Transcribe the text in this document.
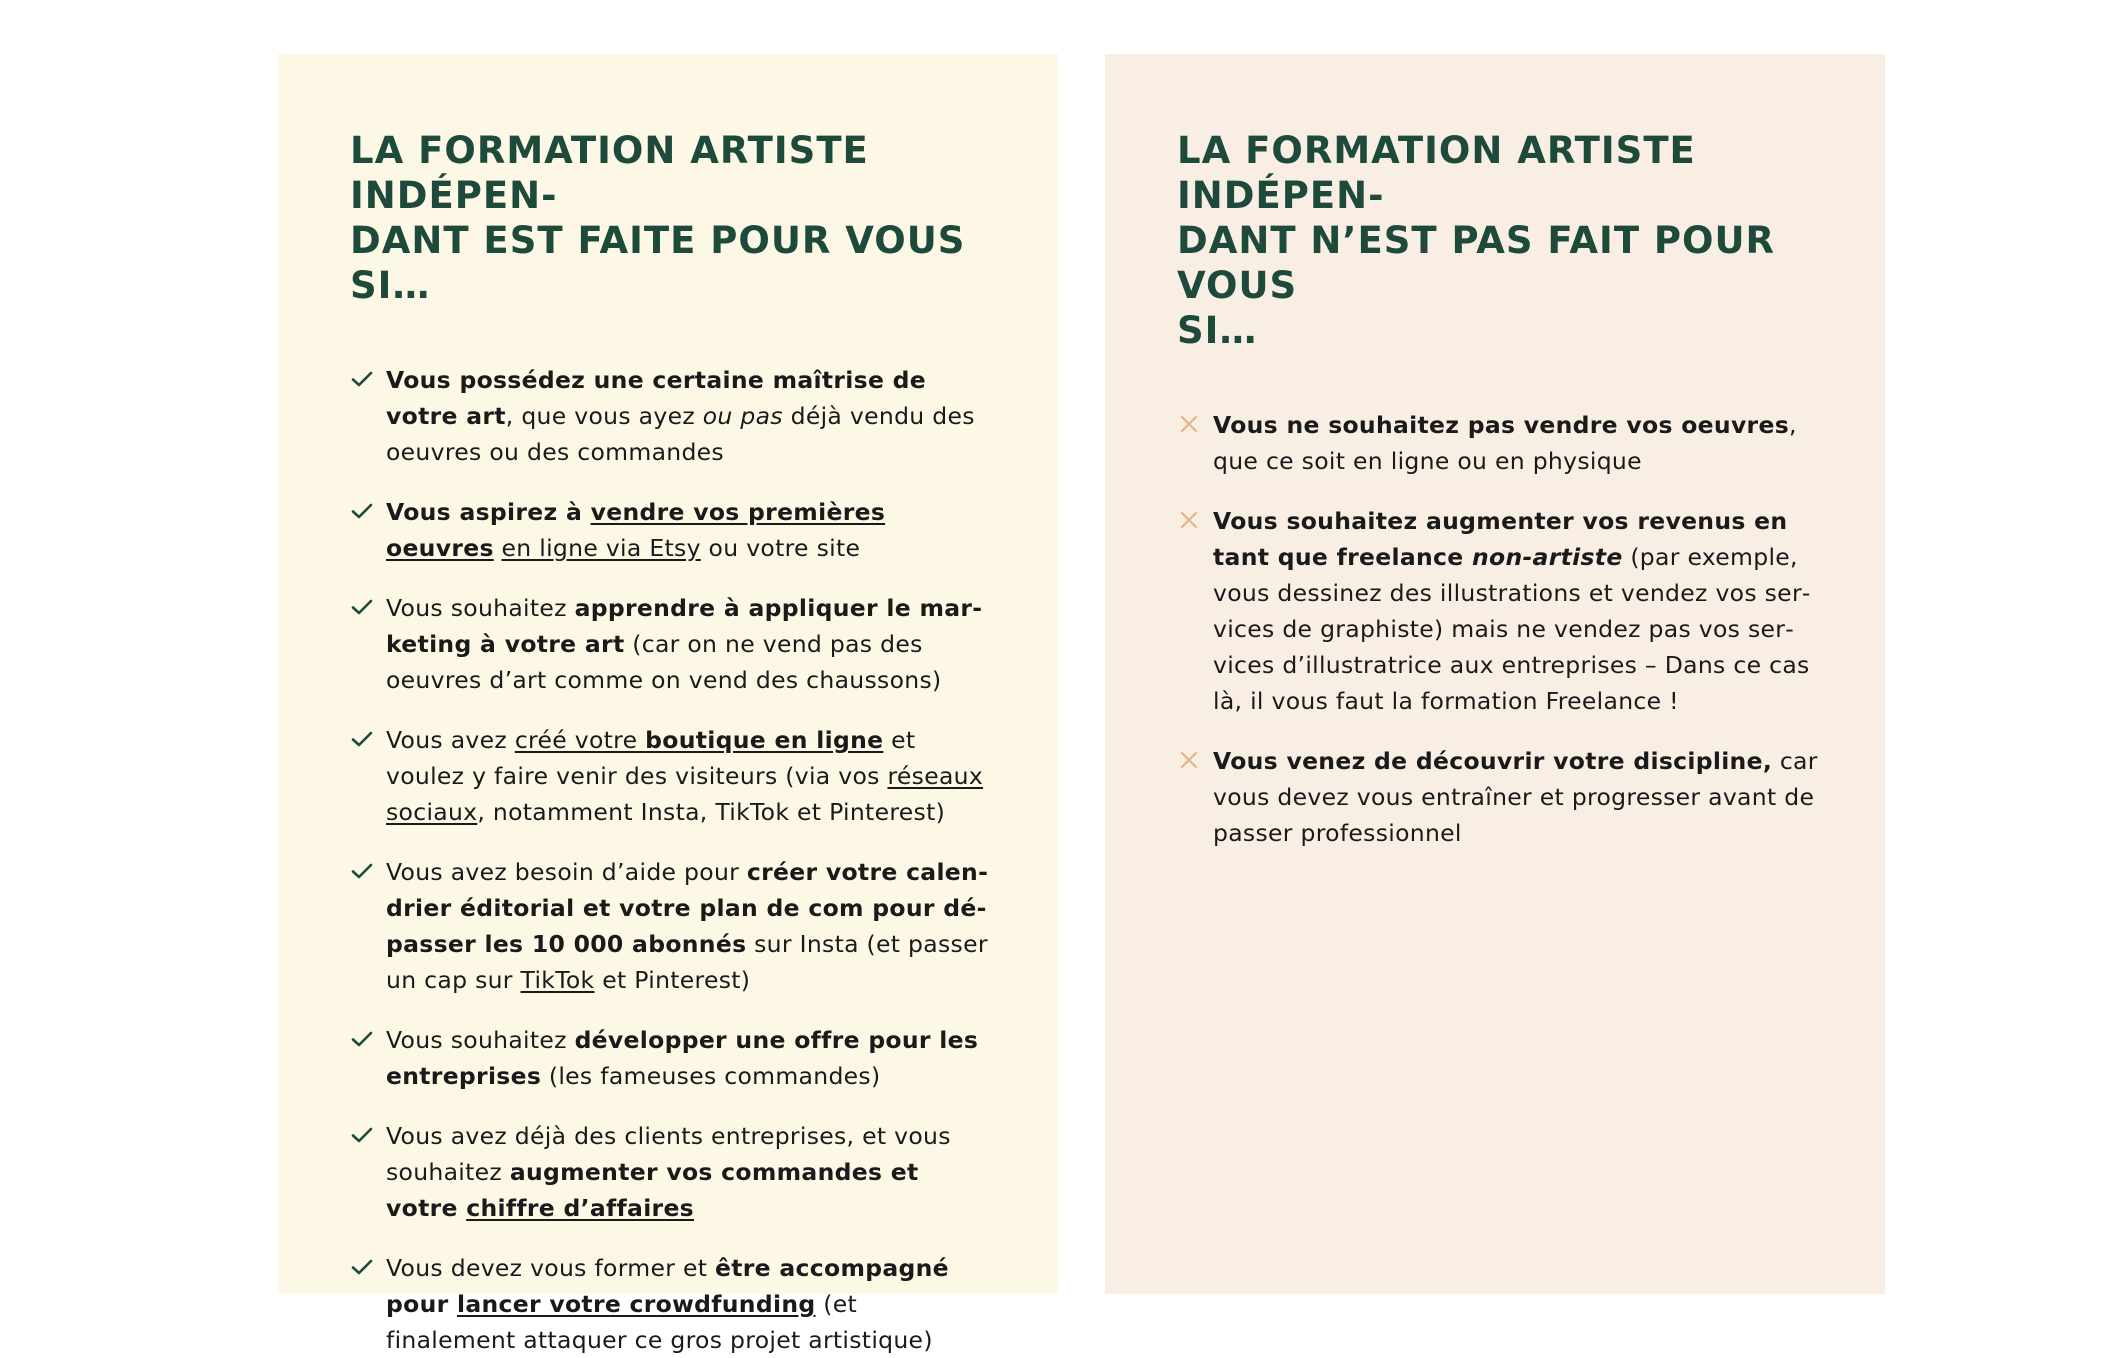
LA FORMATION ARTISTE INDÉPEN-
DANT EST FAITE POUR VOUS SI…
Vous possédez une certaine maîtrise de votre art, que vous ayez ou pas déjà vendu des oeuvres ou des commandes
Vous aspirez à vendre vos premières oeuvres en ligne via Etsy ou votre site
Vous souhaitez apprendre à appliquer le marketing à votre art (car on ne vend pas des oeuvres d’art comme on vend des chaussons)
Vous avez créé votre boutique en ligne et voulez y faire venir des visiteurs (via vos réseaux sociaux, notamment Insta, TikTok et Pinterest)
Vous avez besoin d’aide pour créer votre calendrier éditorial et votre plan de com pour dépasser les 10 000 abonnés sur Insta (et passer un cap sur TikTok et Pinterest)
Vous souhaitez développer une offre pour les entreprises (les fameuses commandes)
Vous avez déjà des clients entreprises, et vous souhaitez augmenter vos commandes et votre chiffre d’affaires
Vous devez vous former et être accompagné pour lancer votre crowdfunding (et finalement attaquer ce gros projet artistique)
LA FORMATION ARTISTE INDÉPEN-
DANT N’EST PAS FAIT POUR VOUS
SI…
Vous ne souhaitez pas vendre vos oeuvres, que ce soit en ligne ou en physique
Vous souhaitez augmenter vos revenus en tant que freelance non-artiste (par exemple, vous dessinez des illustrations et vendez vos services de graphiste) mais ne vendez pas vos services d’illustratrice aux entreprises – Dans ce cas là, il vous faut la formation Freelance !
Vous venez de découvrir votre discipline, car vous devez vous entraîner et progresser avant de passer professionnel
